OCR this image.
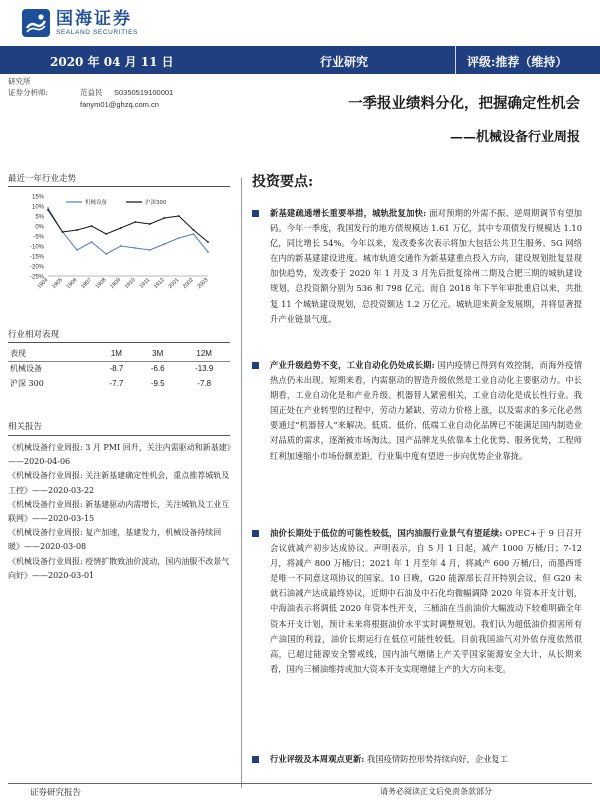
国海证券
SEALAND SECURITIES
2020 年 04 月 11 日	行业研究	评级:推荐（维持）
研究所
证券分析师:	范益民 S0350519100001
fanym01@ghzq.com.cn	一季报业绩料分化，把握确定性机会
——机械设备行业周报
最近一年行业走势
15%
10%
5%
0%
-5%
-10%
-15%
-20%
-25%
1904 1905 1906 1907 1908 1909 1910 1911 1912 2001 2002 2003
机械设备	沪深300
行业相对表现
表现	1M	3M	12M
机械设备	-8.7	-6.6	-13.9
沪深 300	-7.7	-9.5	-7.8
相关报告
《机械设备行业周报: 3 月 PMI 回升，关注内需驱动和新基建》——2020-04-06
《机械设备行业周报: 关注新基建确定性机会，重点推荐城轨及工控》——2020-03-22
《机械设备行业周报: 新基建驱动内需增长，关注城轨及工业互联网》——2020-03-15
《机械设备行业周报: 复产加速，基建发力，机械设备持续回暖》——2020-03-08
《机械设备行业周报: 疫情扩散致油价波动，国内油服不改景气向好》——2020-03-01
投资要点:
新基建疏通增长重要举措，城轨批复加快: 面对预期的外需不振、逆周期调节有望加码。今年一季度，我国发行的地方债规模达 1.61 万亿，其中专项债发行规模达 1.10 亿，同比增长 54%。今年以来，发改委多次表示将加大包括公共卫生服务、5G 网络在内的新基建建设进度。城市轨道交通作为新基建重点投入方向，建设规划批复显现加快趋势，发改委于 2020 年 1 月及 3 月先后批复徐州二期及合肥三期的城轨建设规划，总投资额分别为 536 和 798 亿元。而自 2018 年下半年审批重启以来，共批复 11 个城轨建设规划，总投资额达 1.2 万亿元。城轨迎来黄金发展期，并将显著提升产业链景气度。
产业升级趋势不变，工业自动化仍处成长期: 国内疫情已得到有效控制，而海外疫情热点仍未出现。短期来看，内需驱动的智造升级依然是工业自动化主要驱动力。中长期看，工业自动化是和产业升级、机器替人紧密相关，工业自动化是成长性行业。我国正处在产业转型的过程中，劳动力紧缺、劳动力价格上涨，以及需求的多元化必然要通过“机器替人”来解决。低质、低价、低端工业自动化品牌已不能满足国内制造业对品质的需求，逐渐被市场淘汰。国产品牌龙头依靠本土化优势、服务优势，工程师红利加速缩小市场份额差距，行业集中度有望进一步向优势企业靠拢。
油价长期处于低位的可能性较低，国内油服行业景气有望延续: OPEC+于 9 日召开会议就减产初步达成协议。声明表示，自 5 月 1 日起，减产 1000 万桶/日；7-12 月，将减产 800 万桶/日；2021 年 1 月至年 4 月，将减产 600 万桶/日，而墨西哥是唯一不同意这项协议的国家。10 日晚，G20 能源部长召开特别会议，但 G20 未就石油减产达成最终协议，近期中石油及中石化均微幅调降 2020 年资本开支计划，中海油表示将调低 2020 年资本性开支，三桶油在当前油价大幅波动下较难明确全年资本开支计划，预计未来将根据油价水平实时调整规划。我们认为超低油价损害所有产油国的利益，油价长期运行在低位可能性较低。目前我国油气对外依存度依然很高，已超过能源安全警戒线，国内油气增储上产关乎国家能源安全大计，从长期来看，国内三桶油维持或加大资本开支实现增储上产的大方向未变。
行业评级及本周观点更新: 我国疫情防控形势持续向好，企业复工
证券研究报告	请务必阅读正文后免责条款部分
